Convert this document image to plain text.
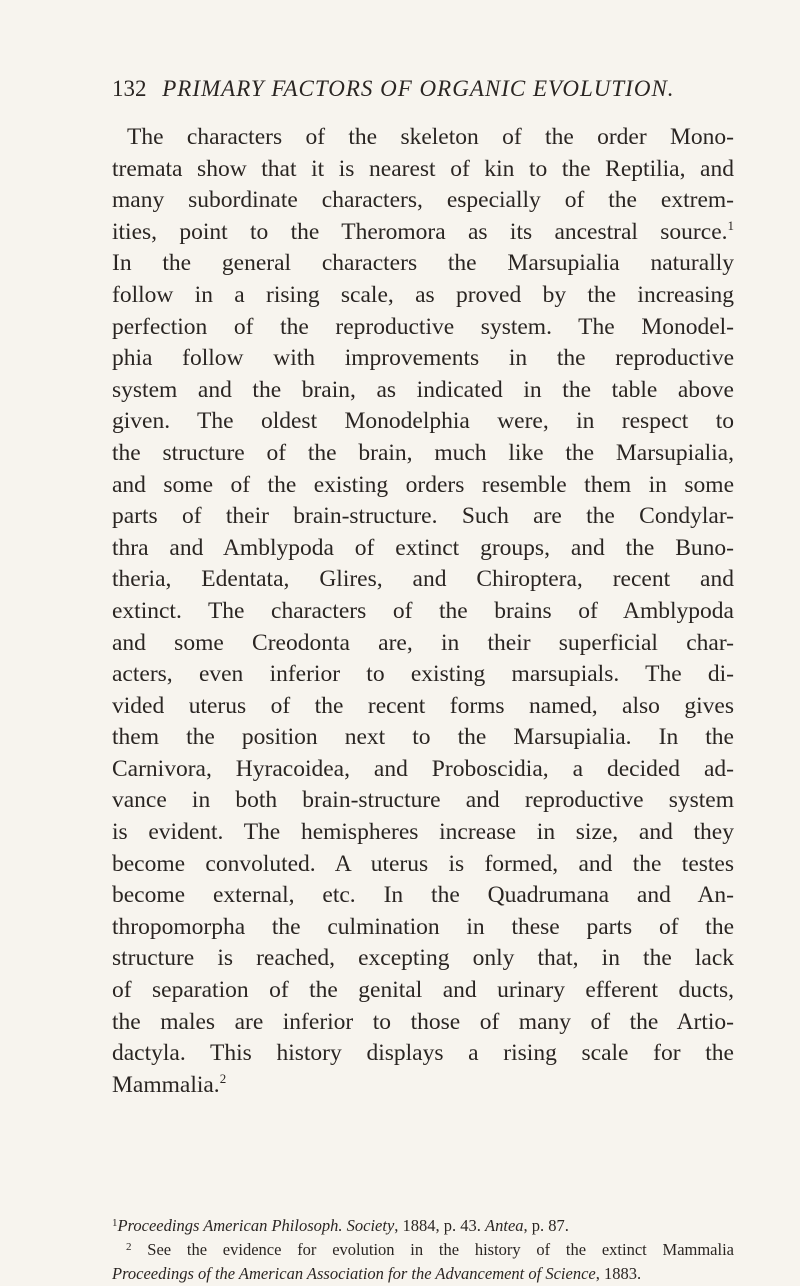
132 PRIMARY FACTORS OF ORGANIC EVOLUTION.
The characters of the skeleton of the order Mono-
tremata show that it is nearest of kin to the Reptilia, and
many subordinate characters, especially of the extrem-
ities, point to the Theromora as its ancestral source.$^1$
In the general characters the Marsupialia naturally
follow in a rising scale, as proved by the increasing
perfection of the reproductive system. The Monodel-
phia follow with improvements in the reproductive
system and the brain, as indicated in the table above
given. The oldest Monodelphia were, in respect to
the structure of the brain, much like the Marsupialia,
and some of the existing orders resemble them in some
parts of their brain-structure. Such are the Condylar-
thra and Amblypoda of extinct groups, and the Buno-
theria, Edentata, Glires, and Chiroptera, recent and
extinct. The characters of the brains of Amblypoda
and some Creodonta are, in their superficial char-
acters, even inferior to existing marsupials. The di-
vided uterus of the recent forms named, also gives
them the position next to the Marsupialia. In the
Carnivora, Hyracoidea, and Proboscidia, a decided ad-
vance in both brain-structure and reproductive system
is evident. The hemispheres increase in size, and they
become convoluted. A uterus is formed, and the testes
become external, etc. In the Quadrumana and An-
thropomorpha the culmination in these parts of the
structure is reached, excepting only that, in the lack
of separation of the genital and urinary efferent ducts,
the males are inferior to those of many of the Artio-
dactyla. This history displays a rising scale for the
Mammalia.$^2$
$^1$Proceedings American Philosoph. Society, 1884, p. 43. Antea, p. 87.
$^2$ See the evidence for evolution in the history of the extinct Mammalia
Proceedings of the American Association for the Advancement of Science, 1883.
